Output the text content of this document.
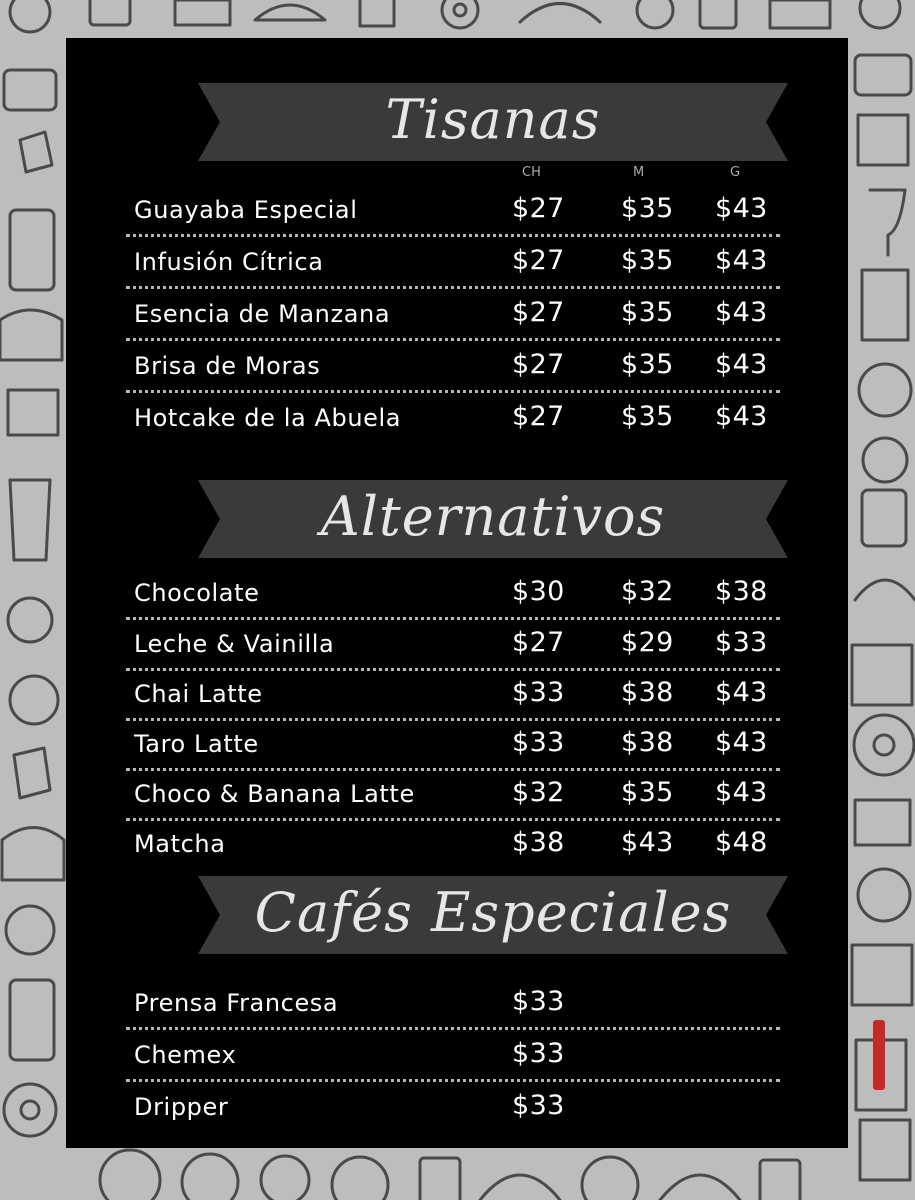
Tisanas
CH	M	G
Guayaba Especial	$27 $35 $43
Infusión Cítrica	$27 $35 $43
Esencia de Manzana	$27 $35 $43
Brisa de Moras	$27 $35 $43
Hotcake de la Abuela	$27 $35 $43
Alternativos
Chocolate	$30 $32 $38
Leche & Vainilla	$27 $29 $33
Chai Latte	$33 $38 $43
Taro Latte	$33 $38 $43
Choco & Banana Latte	$32 $35 $43
Matcha	$38 $43 $48
Cafés Especiales
Prensa Francesa	$33
Chemex	$33
Dripper	$33
